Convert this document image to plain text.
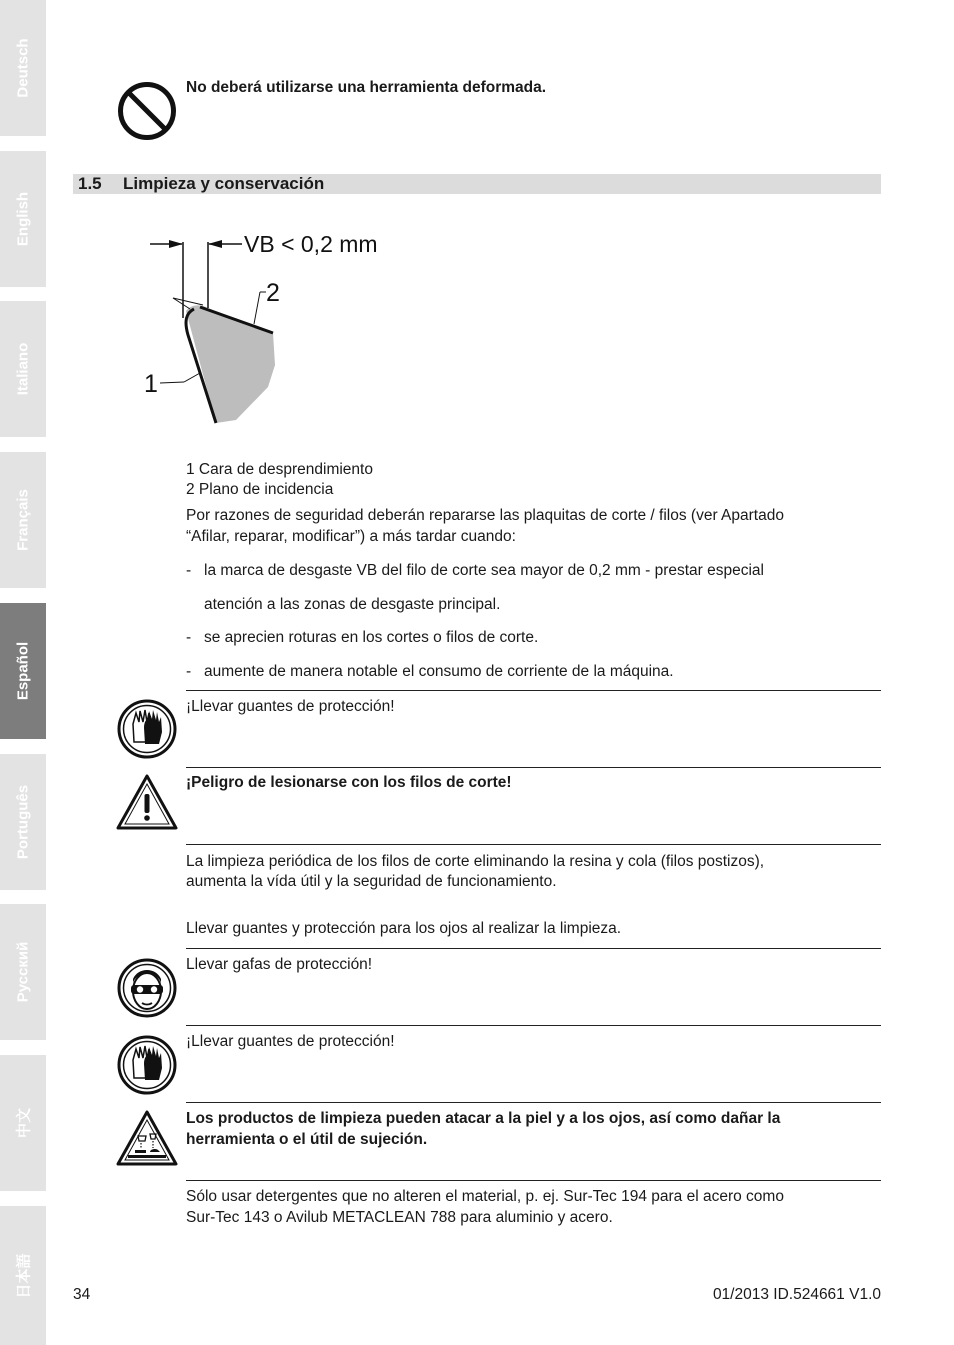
Deutsch
English
Italiano
Français
Español
Português
Русский
中文
日本語
No deberá utilizarse una herramienta deformada.
1.5 Limpieza y conservación
VB < 0,2 mm
2
1
1 Cara de desprendimiento
2 Plano de incidencia
Por razones de seguridad deberán repararse las plaquitas de corte / filos (ver Apartado
“Afilar, reparar, modificar”) a más tardar cuando:
- la marca de desgaste VB del filo de corte sea mayor de 0,2 mm - prestar especial
atención a las zonas de desgaste principal.
- se aprecien roturas en los cortes o filos de corte.
- aumente de manera notable el consumo de corriente de la máquina.
¡Llevar guantes de protección!
¡Peligro de lesionarse con los filos de corte!
La limpieza periódica de los filos de corte eliminando la resina y cola (filos postizos),
aumenta la vída útil y la seguridad de funcionamiento.
Llevar guantes y protección para los ojos al realizar la limpieza.
Llevar gafas de protección!
¡Llevar guantes de protección!
Los productos de limpieza pueden atacar a la piel y a los ojos, así como dañar la
herramienta o el útil de sujeción.
Sólo usar detergentes que no alteren el material, p. ej. Sur-Tec 194 para el acero como
Sur-Tec 143 o Avilub METACLEAN 788 para aluminio y acero.
34	01/2013 ID.524661 V1.0
